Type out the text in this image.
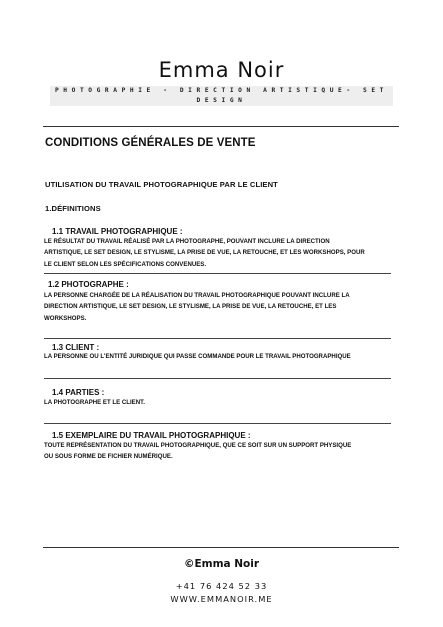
Emma Noir
PHOTOGRAPHIE - DIRECTION ARTISTIQUE- SET DESIGN
CONDITIONS GÉNÉRALES DE VENTE
UTILISATION DU TRAVAIL PHOTOGRAPHIQUE PAR LE CLIENT
1.DÉFINITIONS
1.1 TRAVAIL PHOTOGRAPHIQUE :
LE RÉSULTAT DU TRAVAIL RÉALISÉ PAR LA PHOTOGRAPHE, POUVANT INCLURE LA DIRECTION
ARTISTIQUE, LE SET DESIGN, LE STYLISME, LA PRISE DE VUE, LA RETOUCHE, ET LES WORKSHOPS, POUR
LE CLIENT SELON LES SPÉCIFICATIONS CONVENUES.
1.2 PHOTOGRAPHE :
LA PERSONNE CHARGÉE DE LA RÉALISATION DU TRAVAIL PHOTOGRAPHIQUE POUVANT INCLURE LA
DIRECTION ARTISTIQUE, LE SET DESIGN, LE STYLISME, LA PRISE DE VUE, LA RETOUCHE, ET LES
WORKSHOPS.
1.3 CLIENT :
LA PERSONNE OU L'ENTITÉ JURIDIQUE QUI PASSE COMMANDE POUR LE TRAVAIL PHOTOGRAPHIQUE
1.4 PARTIES :
LA PHOTOGRAPHE ET LE CLIENT.
1.5 EXEMPLAIRE DU TRAVAIL PHOTOGRAPHIQUE :
TOUTE REPRÉSENTATION DU TRAVAIL PHOTOGRAPHIQUE, QUE CE SOIT SUR UN SUPPORT PHYSIQUE
OU SOUS FORME DE FICHIER NUMÉRIQUE.
©Emma Noir
+41 76 424 52 33
WWW.EMMANOIR.ME
